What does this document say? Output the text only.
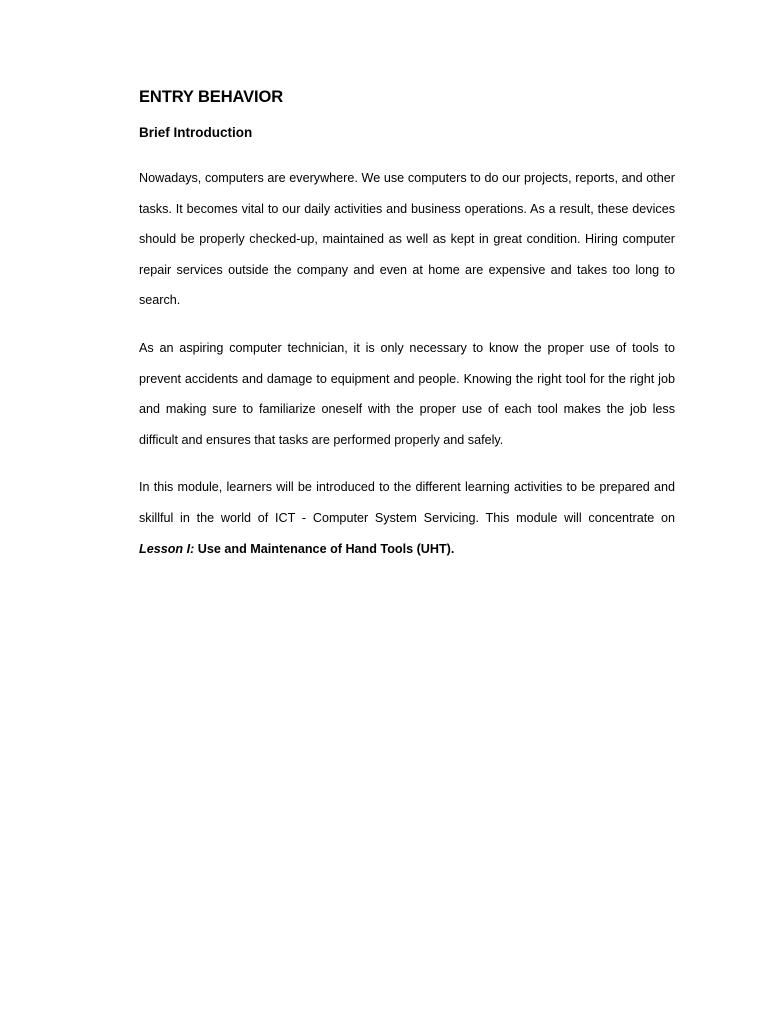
ENTRY BEHAVIOR
Brief Introduction

Nowadays, computers are everywhere. We use computers to do our projects, reports, and other tasks. It becomes vital to our daily activities and business operations. As a result, these devices should be properly checked-up, maintained as well as kept in great condition. Hiring computer repair services outside the company and even at home are expensive and takes too long to search.

As an aspiring computer technician, it is only necessary to know the proper use of tools to prevent accidents and damage to equipment and people. Knowing the right tool for the right job and making sure to familiarize oneself with the proper use of each tool makes the job less difficult and ensures that tasks are performed properly and safely.

In this module, learners will be introduced to the different learning activities to be prepared and skillful in the world of ICT - Computer System Servicing. This module will concentrate on Lesson I: Use and Maintenance of Hand Tools (UHT).
